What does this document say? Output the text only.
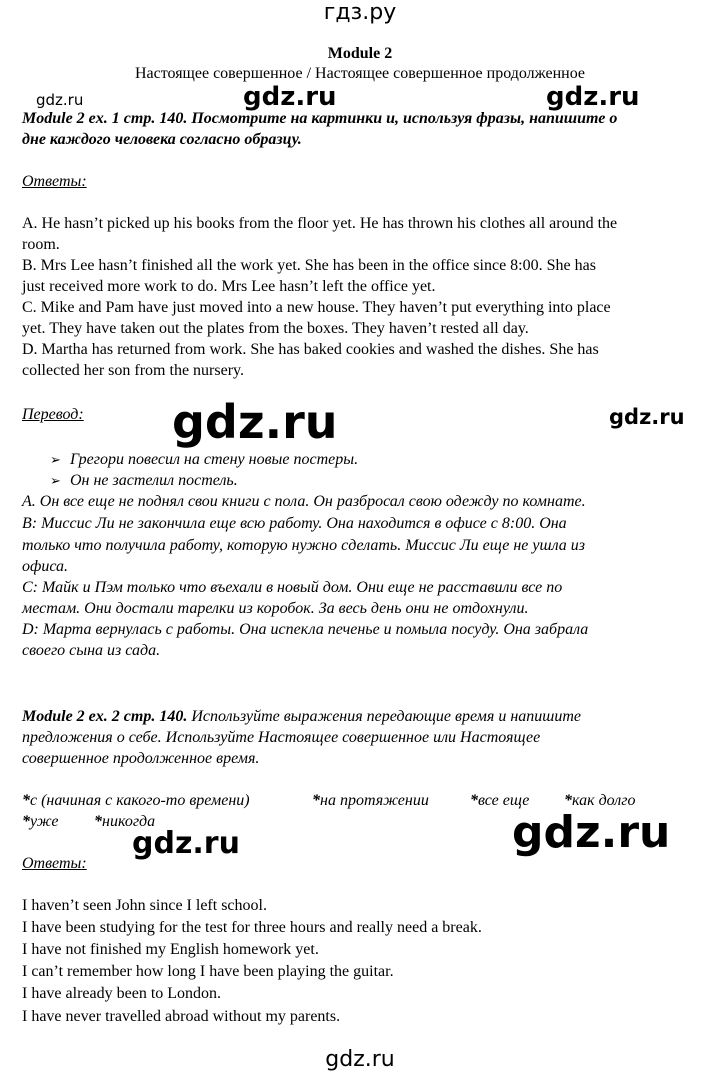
гдз.ру
Module 2
Настоящее совершенное / Настоящее совершенное продолженное
gdz.ru	gdz.ru	gdz.ru
Module 2 ex. 1 стр. 140. Посмотрите на картинки и, используя фразы, напишите о
дне каждого человека согласно образцу.
Ответы:
A. He hasn’t picked up his books from the floor yet. He has thrown his clothes all around the
room.
B. Mrs Lee hasn’t finished all the work yet. She has been in the office since 8:00. She has
just received more work to do. Mrs Lee hasn’t left the office yet.
C. Mike and Pam have just moved into a new house. They haven’t put everything into place
yet. They have taken out the plates from the boxes. They haven’t rested all day.
D. Martha has returned from work. She has baked cookies and washed the dishes. She has
collected her son from the nursery.
Перевод: gdz.ru	gdz.ru
➢ Грегори повесил на стену новые постеры.
➢ Он не застелил постель.
А. Он все еще не поднял свои книги с пола. Он разбросал свою одежду по комнате.
В: Миссис Ли не закончила еще всю работу. Она находится в офисе с 8:00. Она
только что получила работу, которую нужно сделать. Миссис Ли еще не ушла из
офиса.
С: Майк и Пэм только что въехали в новый дом. Они еще не расставили все по
местам. Они достали тарелки из коробок. За весь день они не отдохнули.
D: Марта вернулась с работы. Она испекла печенье и помыла посуду. Она забрала
своего сына из сада.
Module 2 ex. 2 стр. 140. Используйте выражения передающие время и напишите
предложения о себе. Используйте Настоящее совершенное или Настоящее
совершенное продолженное время.
*с (начиная с какого-то времени)	*на протяжении	*все еще *как долго
*уже *никогда
gdz.ru	gdz.ru
Ответы:
I haven’t seen John since I left school.
I have been studying for the test for three hours and really need a break.
I have not finished my English homework yet.
I can’t remember how long I have been playing the guitar.
I have already been to London.
I have never travelled abroad without my parents.
gdz.ru
